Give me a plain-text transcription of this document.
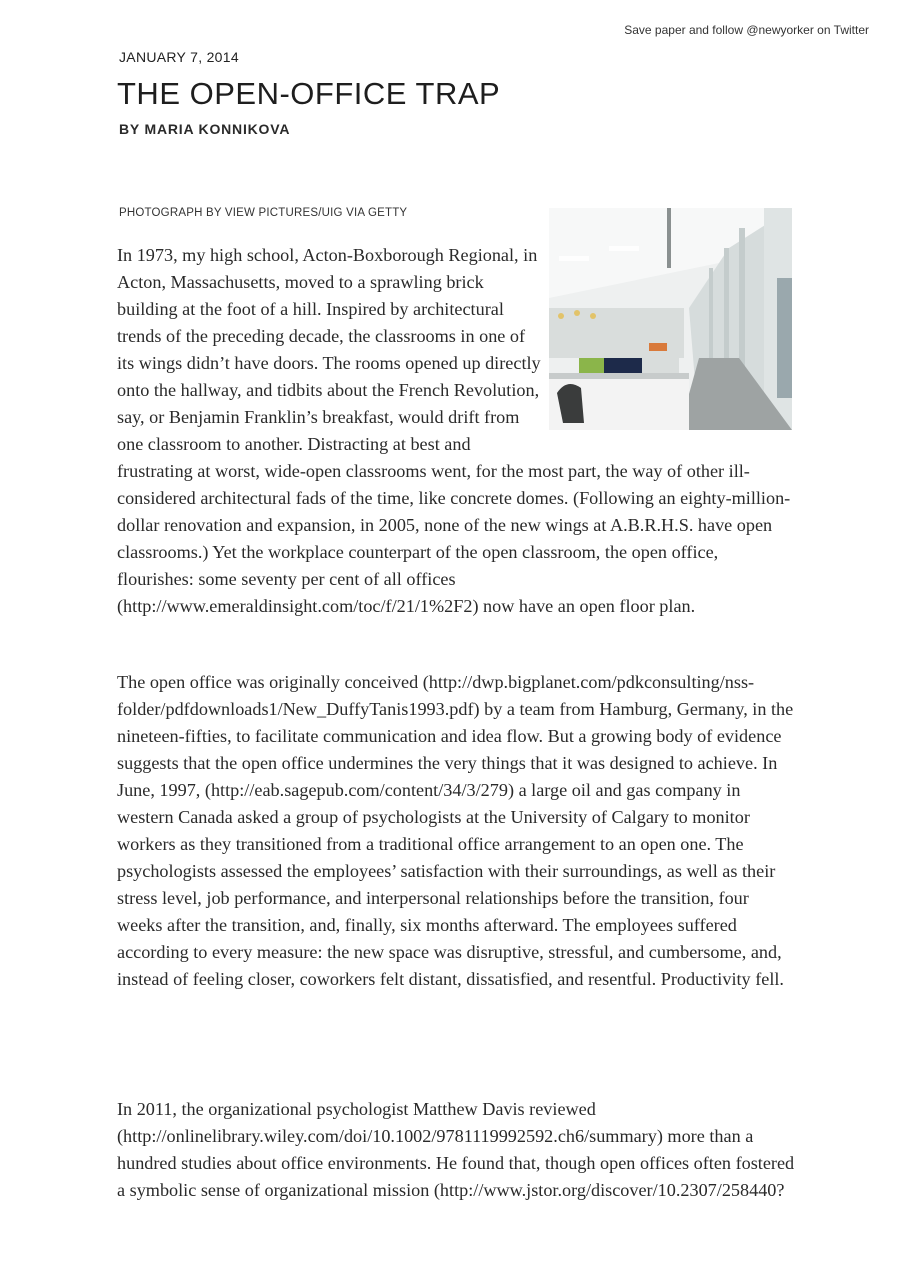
Save paper and follow @newyorker on Twitter
JANUARY 7, 2014
THE OPEN-OFFICE TRAP
BY MARIA KONNIKOVA
PHOTOGRAPH BY VIEW PICTURES/UIG VIA GETTY

In 1973, my high school, Acton-Boxborough Regional, in Acton, Massachusetts, moved to a sprawling brick building at the foot of a hill. Inspired by architectural trends of the preceding decade, the classrooms in one of its wings didn’t have doors. The rooms opened up directly onto the hallway, and tidbits about the French Revolution, say, or Benjamin Franklin’s breakfast, would drift from one classroom to another. Distracting at best and frustrating at worst, wide-open classrooms went, for the most part, the way of other ill-considered architectural fads of the time, like concrete domes. (Following an eighty-million-dollar renovation and expansion, in 2005, none of the new wings at A.B.R.H.S. have open classrooms.) Yet the workplace counterpart of the open classroom, the open office, flourishes: some seventy per cent of all offices (http://www.emeraldinsight.com/toc/f/21/1%2F2) now have an open floor plan.

The open office was originally conceived (http://dwp.bigplanet.com/pdkconsulting/nss-folder/pdfdownloads1/New_DuffyTanis1993.pdf) by a team from Hamburg, Germany, in the nineteen-fifties, to facilitate communication and idea flow. But a growing body of evidence suggests that the open office undermines the very things that it was designed to achieve. In June, 1997, (http://eab.sagepub.com/content/34/3/279) a large oil and gas company in western Canada asked a group of psychologists at the University of Calgary to monitor workers as they transitioned from a traditional office arrangement to an open one. The psychologists assessed the employees’ satisfaction with their surroundings, as well as their stress level, job performance, and interpersonal relationships before the transition, four weeks after the transition, and, finally, six months afterward. The employees suffered according to every measure: the new space was disruptive, stressful, and cumbersome, and, instead of feeling closer, coworkers felt distant, dissatisfied, and resentful. Productivity fell.

In 2011, the organizational psychologist Matthew Davis reviewed (http://onlinelibrary.wiley.com/doi/10.1002/9781119992592.ch6/summary) more than a hundred studies about office environments. He found that, though open offices often fostered a symbolic sense of organizational mission (http://www.jstor.org/discover/10.2307/258440?
